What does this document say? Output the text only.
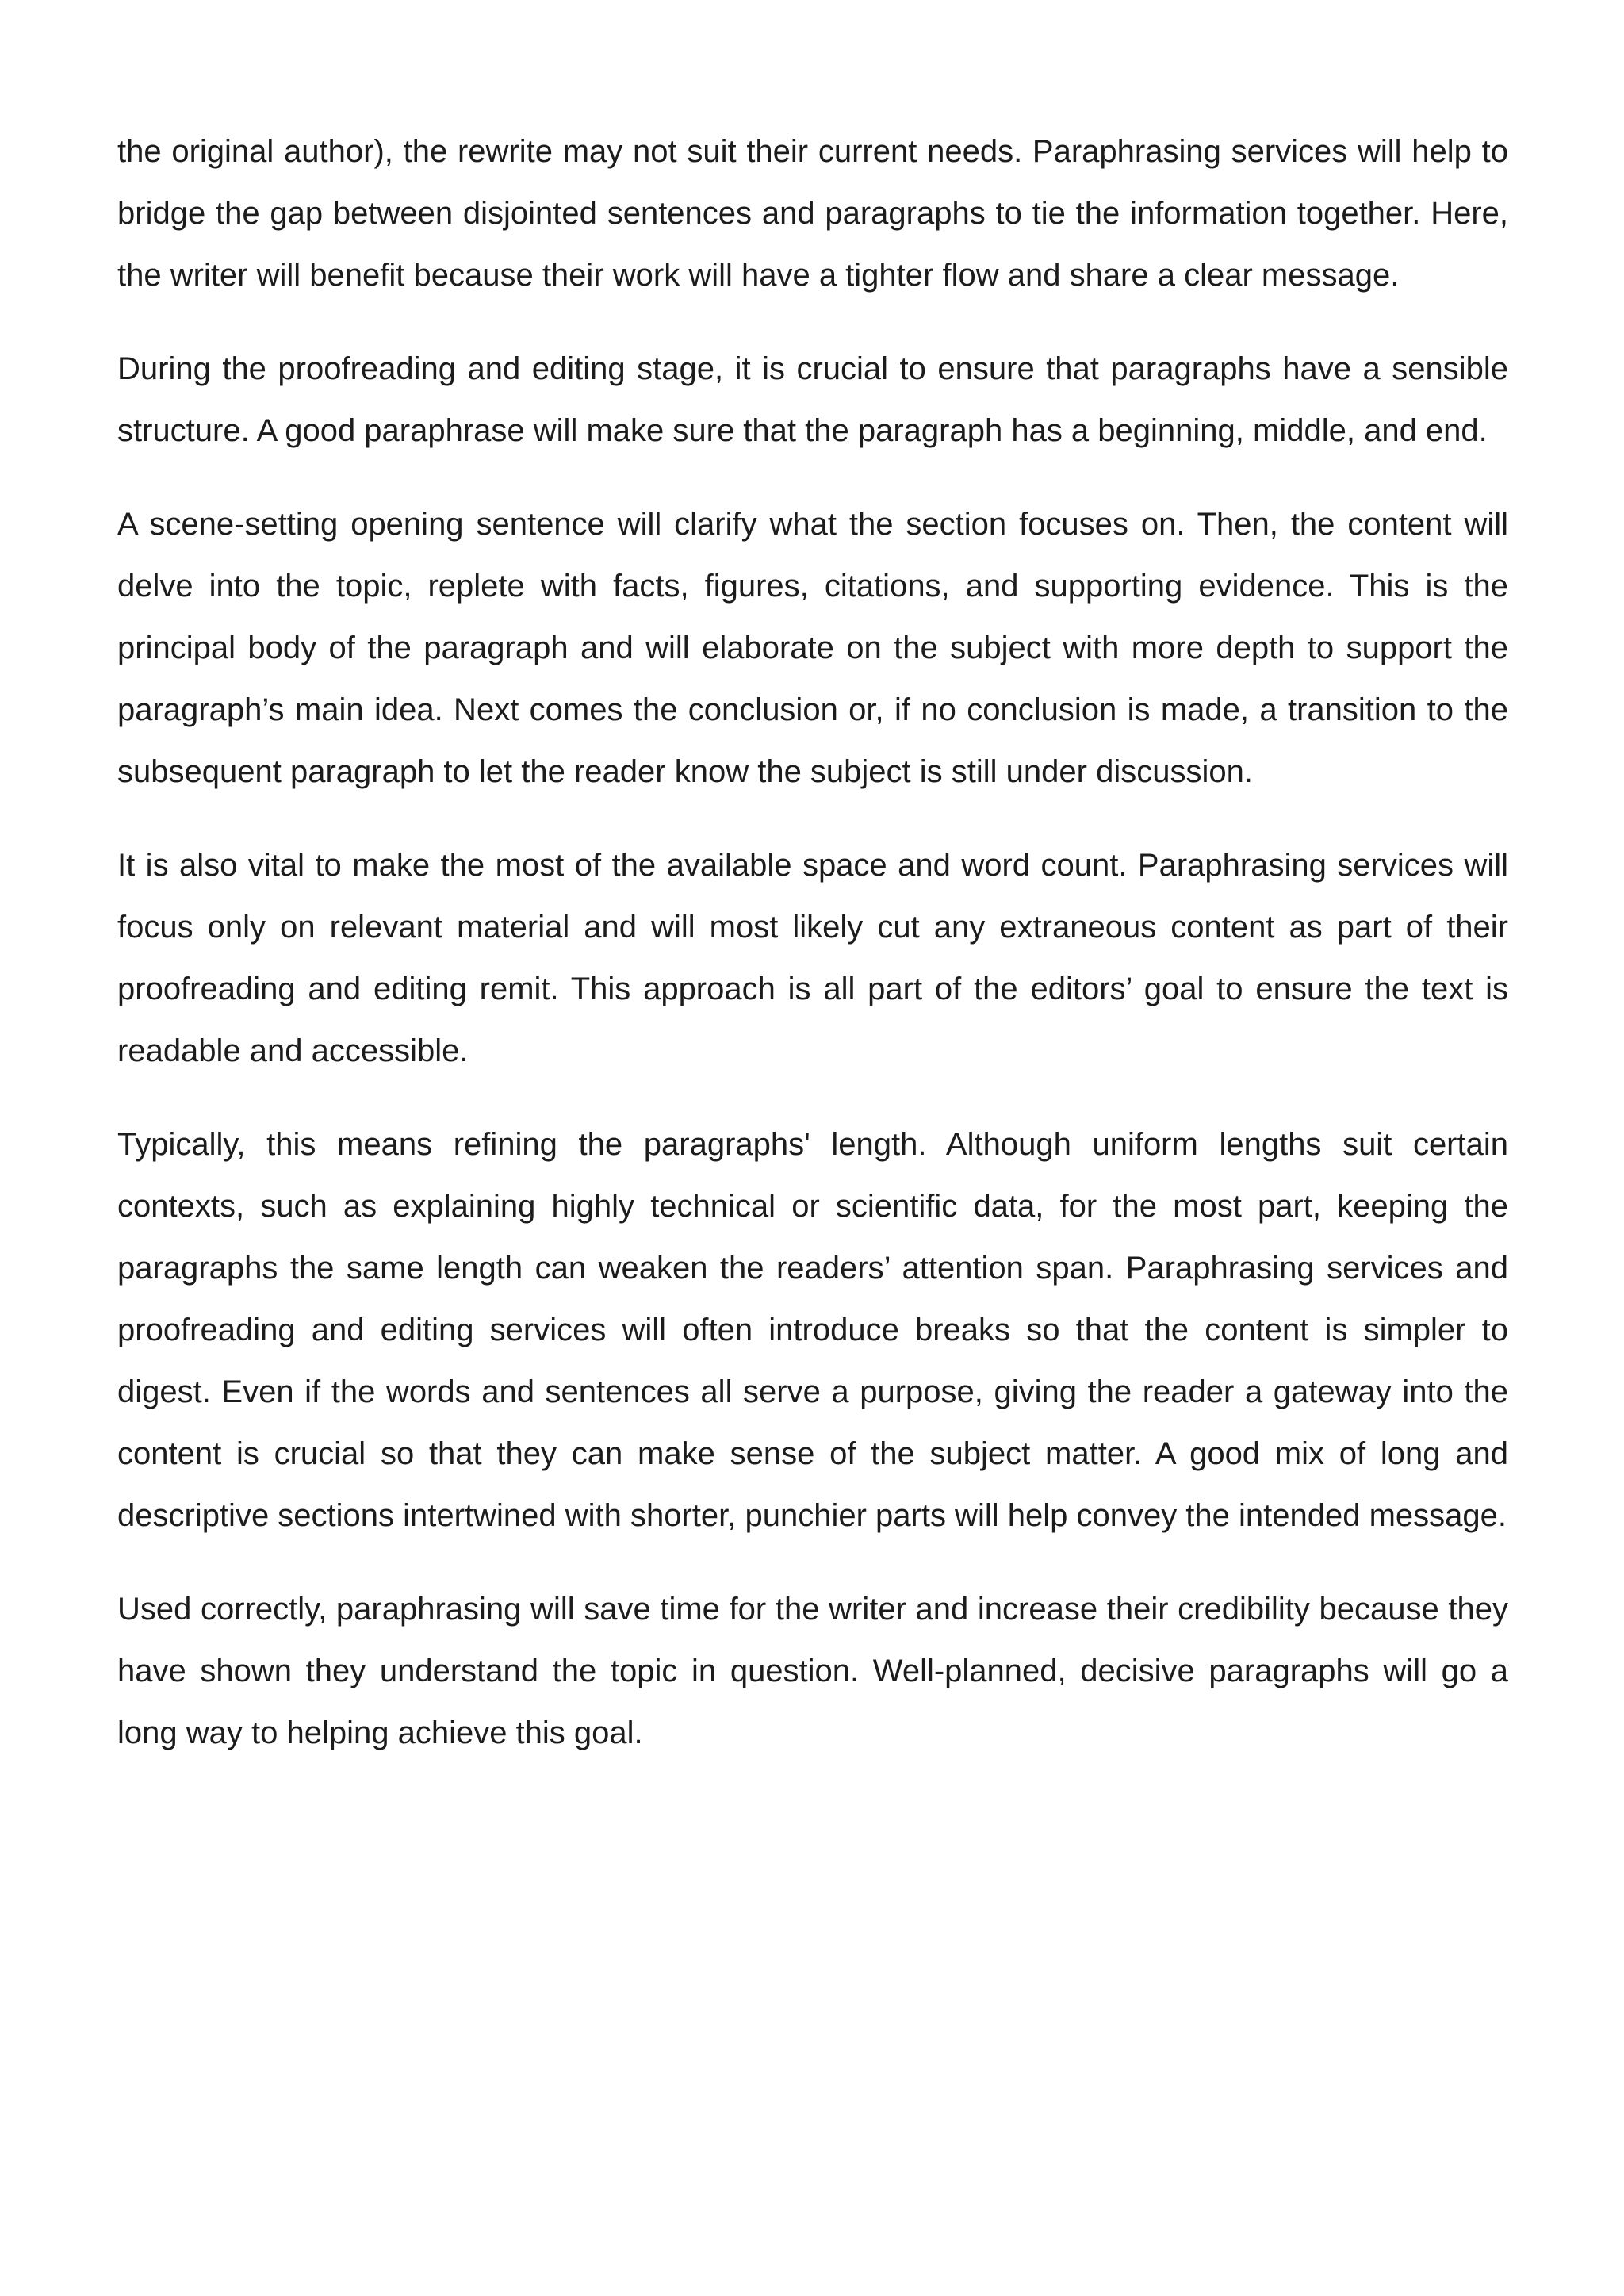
the original author), the rewrite may not suit their current needs. Paraphrasing services will help to bridge the gap between disjointed sentences and paragraphs to tie the information together. Here, the writer will benefit because their work will have a tighter flow and share a clear message.

During the proofreading and editing stage, it is crucial to ensure that paragraphs have a sensible structure. A good paraphrase will make sure that the paragraph has a beginning, middle, and end.

A scene-setting opening sentence will clarify what the section focuses on. Then, the content will delve into the topic, replete with facts, figures, citations, and supporting evidence. This is the principal body of the paragraph and will elaborate on the subject with more depth to support the paragraph’s main idea. Next comes the conclusion or, if no conclusion is made, a transition to the subsequent paragraph to let the reader know the subject is still under discussion.

It is also vital to make the most of the available space and word count. Paraphrasing services will focus only on relevant material and will most likely cut any extraneous content as part of their proofreading and editing remit. This approach is all part of the editors’ goal to ensure the text is readable and accessible.

Typically, this means refining the paragraphs' length. Although uniform lengths suit certain contexts, such as explaining highly technical or scientific data, for the most part, keeping the paragraphs the same length can weaken the readers’ attention span. Paraphrasing services and proofreading and editing services will often introduce breaks so that the content is simpler to digest. Even if the words and sentences all serve a purpose, giving the reader a gateway into the content is crucial so that they can make sense of the subject matter. A good mix of long and descriptive sections intertwined with shorter, punchier parts will help convey the intended message.

Used correctly, paraphrasing will save time for the writer and increase their credibility because they have shown they understand the topic in question. Well-planned, decisive paragraphs will go a long way to helping achieve this goal.
